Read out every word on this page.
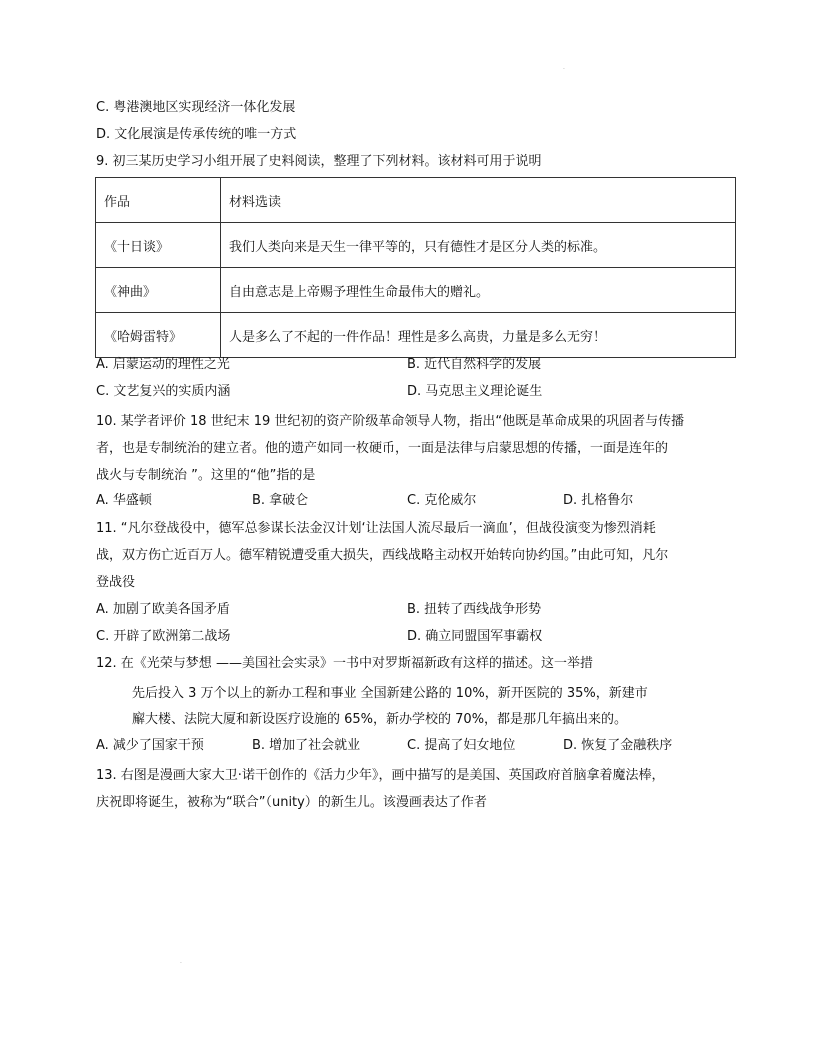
.
C. 粤港澳地区实现经济一体化发展
D. 文化展演是传承传统的唯一方式
9. 初三某历史学习小组开展了史料阅读，整理了下列材料。该材料可用于说明
作品	材料选读
《十日谈》	我们人类向来是天生一律平等的，只有德性才是区分人类的标准。
《神曲》	自由意志是上帝赐予理性生命最伟大的赠礼。
《哈姆雷特》	人是多么了不起的一件作品！理性是多么高贵，力量是多么无穷！
A. 启蒙运动的理性之光	B. 近代自然科学的发展
C. 文艺复兴的实质内涵	D. 马克思主义理论诞生
10. 某学者评价 18 世纪末 19 世纪初的资产阶级革命领导人物，指出“他既是革命成果的巩固者与传播
者，也是专制统治的建立者。他的遗产如同一枚硬币，一面是法律与启蒙思想的传播，一面是连年的
战火与专制统治 ”。这里的“他”指的是
A. 华盛顿	B. 拿破仑	C. 克伦威尔	D. 扎格鲁尔
11. “凡尔登战役中，德军总参谋长法金汉计划‘让法国人流尽最后一滴血’，但战役演变为惨烈消耗
战，双方伤亡近百万人。德军精锐遭受重大损失，西线战略主动权开始转向协约国。”由此可知，凡尔
登战役
A. 加剧了欧美各国矛盾	B. 扭转了西线战争形势
C. 开辟了欧洲第二战场	D. 确立同盟国军事霸权
12. 在《光荣与梦想 ——美国社会实录》一书中对罗斯福新政有这样的描述。这一举措
先后投入 3 万个以上的新办工程和事业 全国新建公路的 10%，新开医院的 35%，新建市
廨大楼、法院大厦和新设医疗设施的 65%，新办学校的 70%，都是那几年搞出来的。
A. 减少了国家干预	B. 增加了社会就业	C. 提高了妇女地位	D. 恢复了金融秩序
13. 右图是漫画大家大卫·诺干创作的《活力少年》，画中描写的是美国、英国政府首脑拿着魔法棒，
庆祝即将诞生，被称为“联合”（unity）的新生儿。该漫画表达了作者
.
